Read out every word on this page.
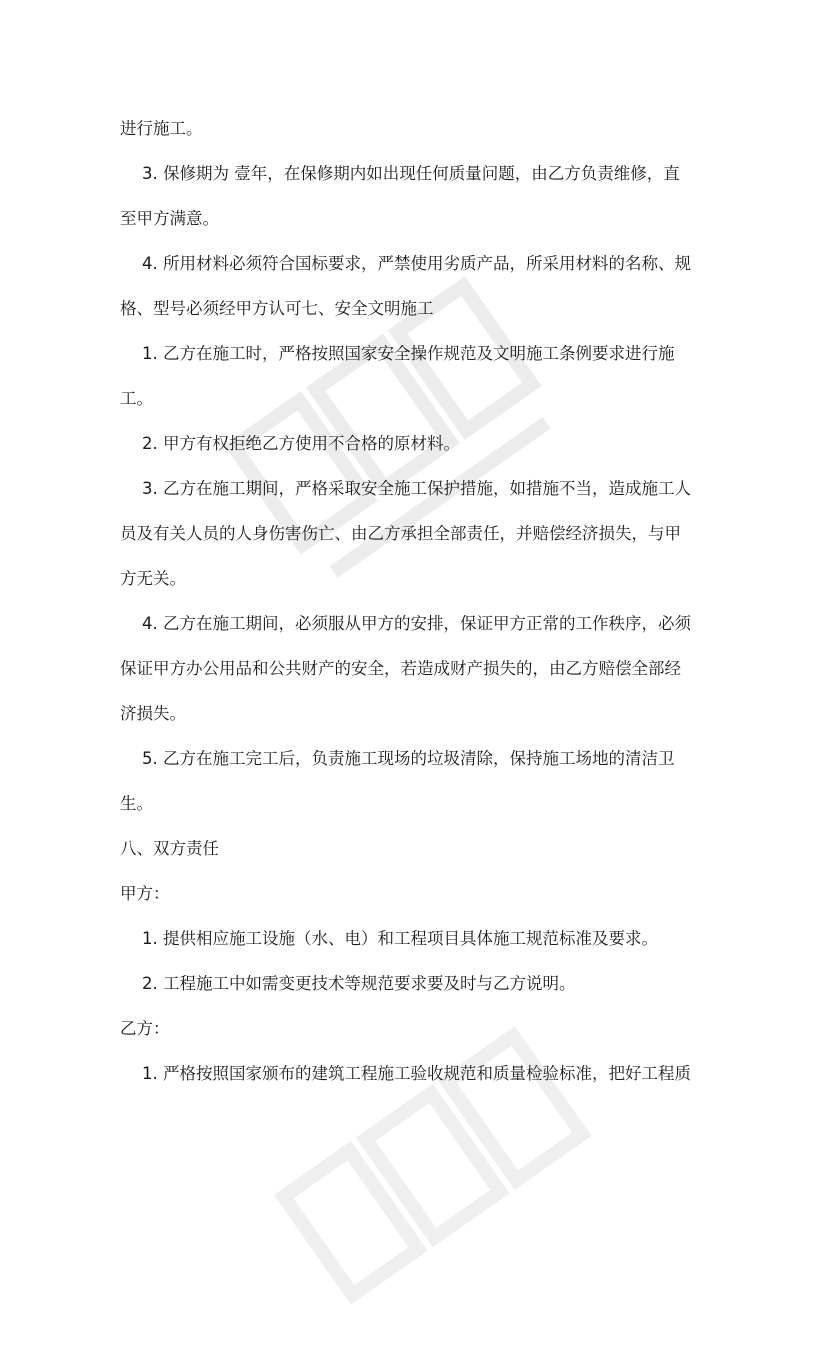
进行施工。

3. 保修期为 壹年，在保修期内如出现任何质量问题，由乙方负责维修，直

至甲方满意。

4. 所用材料必须符合国标要求，严禁使用劣质产品，所采用材料的名称、规

格、型号必须经甲方认可七、安全文明施工

1. 乙方在施工时，严格按照国家安全操作规范及文明施工条例要求进行施

工。

2. 甲方有权拒绝乙方使用不合格的原材料。

3. 乙方在施工期间，严格采取安全施工保护措施，如措施不当，造成施工人

员及有关人员的人身伤害伤亡、由乙方承担全部责任，并赔偿经济损失，与甲

方无关。

4. 乙方在施工期间，必须服从甲方的安排，保证甲方正常的工作秩序，必须

保证甲方办公用品和公共财产的安全，若造成财产损失的，由乙方赔偿全部经

济损失。

5. 乙方在施工完工后，负责施工现场的垃圾清除，保持施工场地的清洁卫

生。

八、双方责任

甲方：

1. 提供相应施工设施（水、电）和工程项目具体施工规范标准及要求。

2. 工程施工中如需变更技术等规范要求要及时与乙方说明。

乙方：

1. 严格按照国家颁布的建筑工程施工验收规范和质量检验标准，把好工程质
